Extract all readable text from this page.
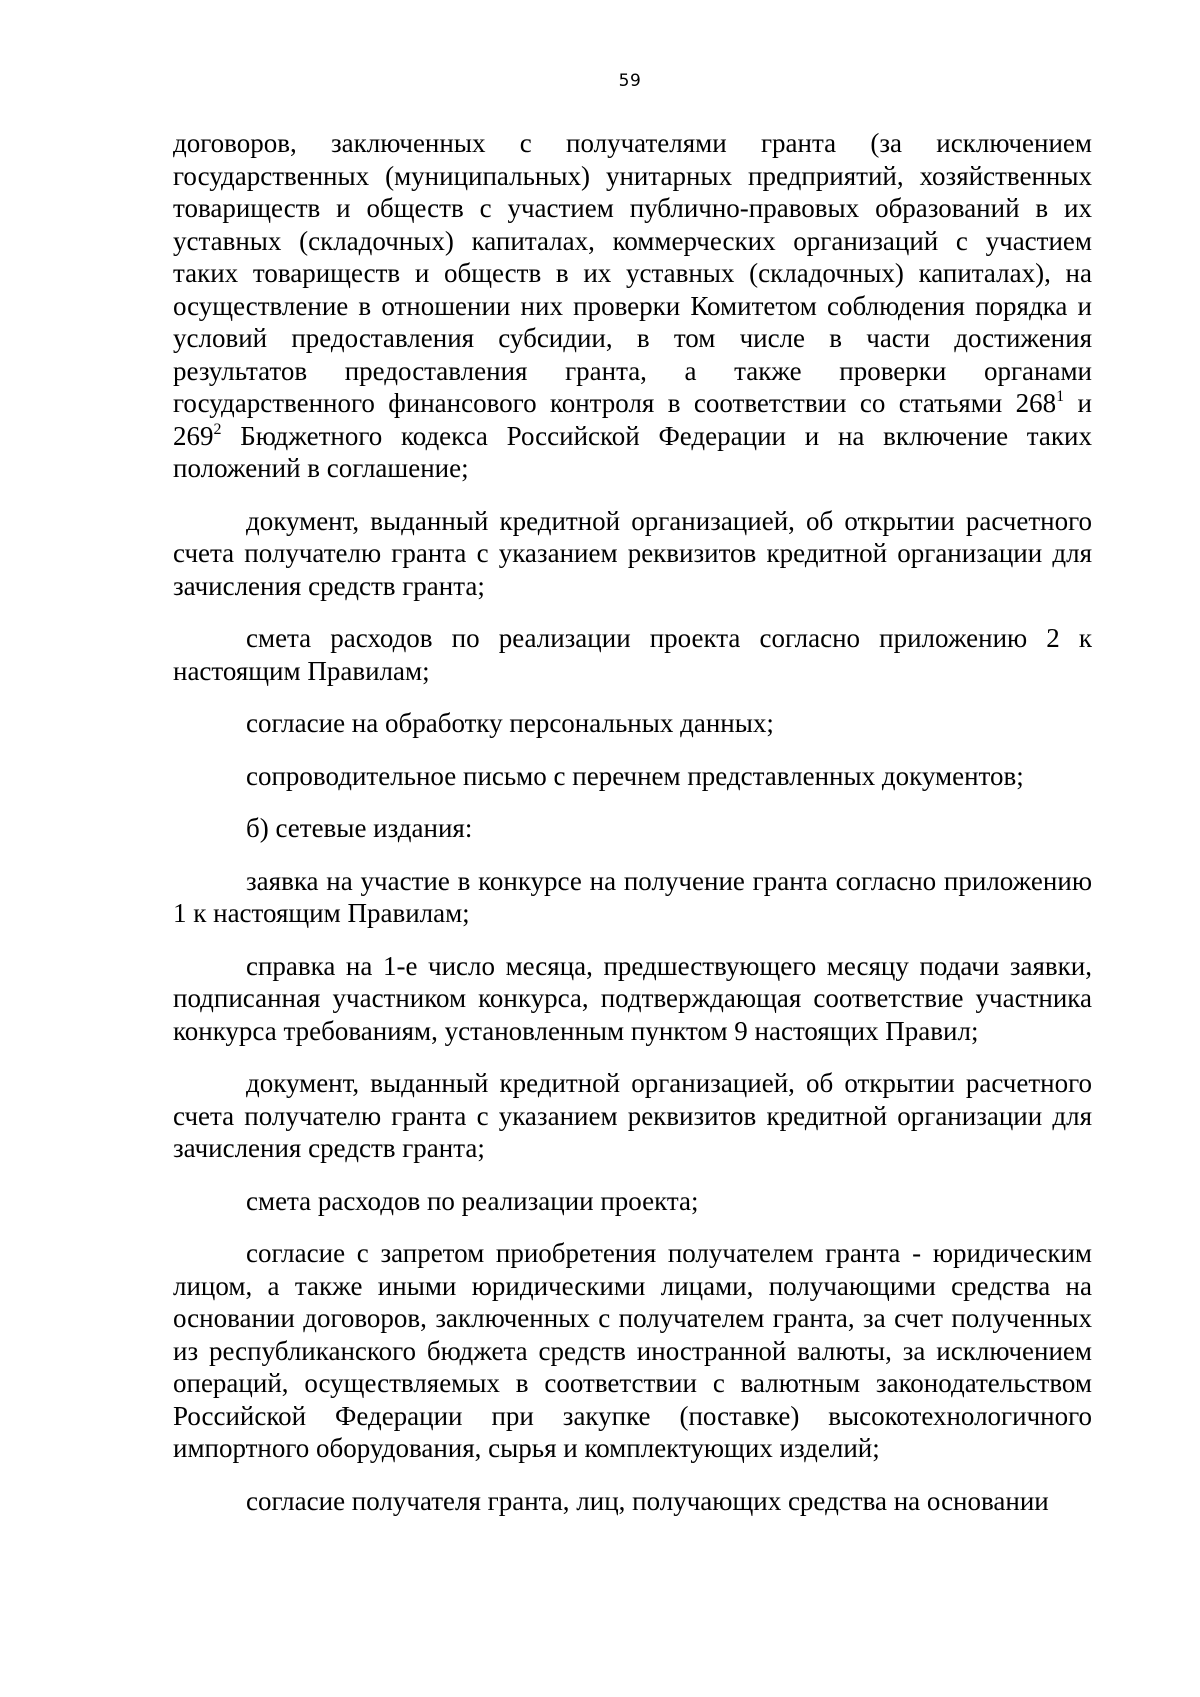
59

договоров, заключенных с получателями гранта (за исключением государственных (муниципальных) унитарных предприятий, хозяйственных товариществ и обществ с участием публично-правовых образований в их уставных (складочных) капиталах, коммерческих организаций с участием таких товариществ и обществ в их уставных (складочных) капиталах), на осуществление в отношении них проверки Комитетом соблюдения порядка и условий предоставления субсидии, в том числе в части достижения результатов предоставления гранта, а также проверки органами государственного финансового контроля в соответствии со статьями $268^1$ и $269^2$ Бюджетного кодекса Российской Федерации и на включение таких положений в соглашение;

документ, выданный кредитной организацией, об открытии расчетного счета получателю гранта с указанием реквизитов кредитной организации для зачисления средств гранта;

смета расходов по реализации проекта согласно приложению 2 к настоящим Правилам;

согласие на обработку персональных данных;

сопроводительное письмо с перечнем представленных документов;

б) сетевые издания:

заявка на участие в конкурсе на получение гранта согласно приложению 1 к настоящим Правилам;

справка на 1-е число месяца, предшествующего месяцу подачи заявки, подписанная участником конкурса, подтверждающая соответствие участника конкурса требованиям, установленным пунктом 9 настоящих Правил;

документ, выданный кредитной организацией, об открытии расчетного счета получателю гранта с указанием реквизитов кредитной организации для зачисления средств гранта;

смета расходов по реализации проекта;

согласие с запретом приобретения получателем гранта - юридическим лицом, а также иными юридическими лицами, получающими средства на основании договоров, заключенных с получателем гранта, за счет полученных из республиканского бюджета средств иностранной валюты, за исключением операций, осуществляемых в соответствии с валютным законодательством Российской Федерации при закупке (поставке) высокотехнологичного импортного оборудования, сырья и комплектующих изделий;

согласие получателя гранта, лиц, получающих средства на основании
